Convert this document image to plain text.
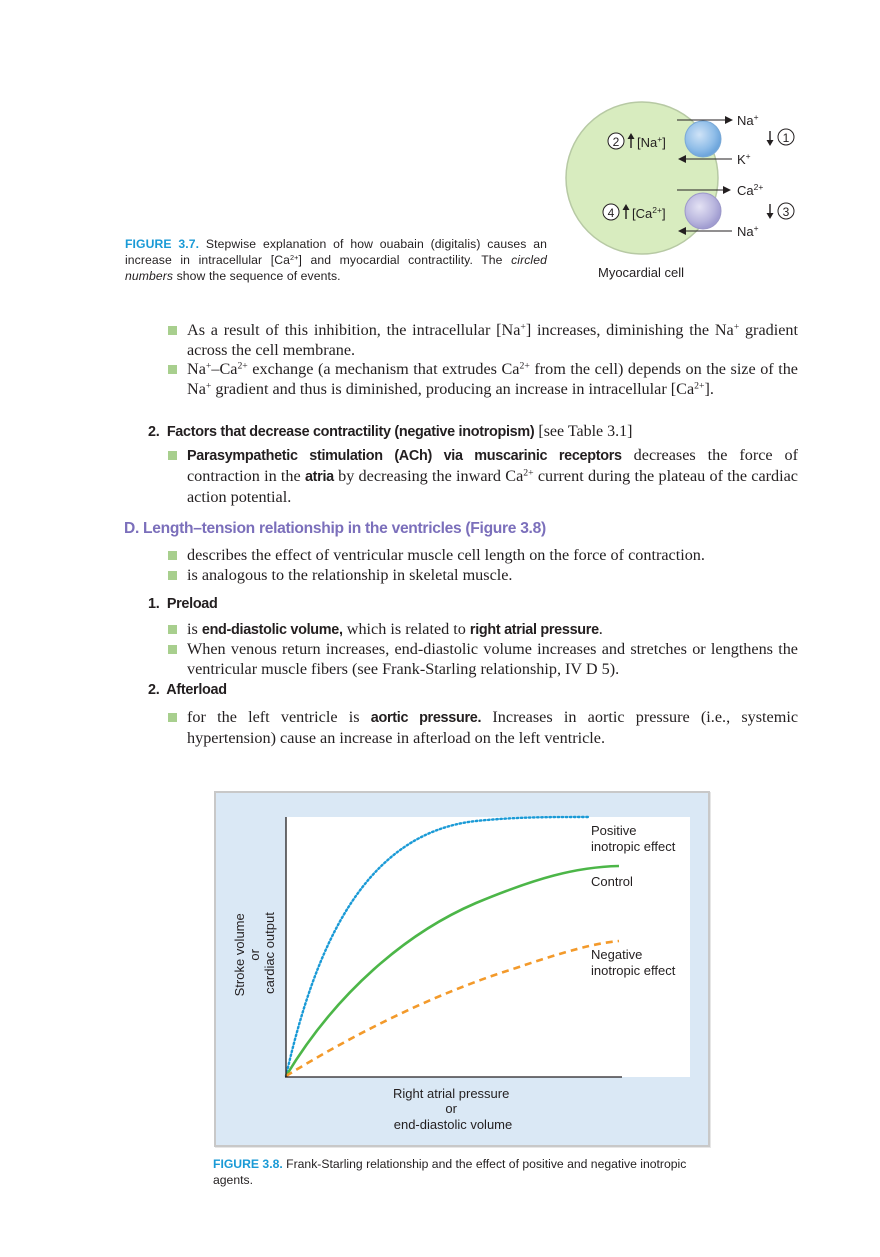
FIGURE 3.7. Stepwise explanation of how ouabain (digitalis) causes an increase in intracellular $[Ca^{2+}]$ and myocardial contractility. The circled numbers show the sequence of events.
Na+
K+
$Ca^{2+}$
Na+
1
3
2 [Na+]
4 $[Ca^{2+}]$
Myocardial cell
As a result of this inhibition, the intracellular [Na+] increases, diminishing the Na+ gradient across the cell membrane.
$Na^+-Ca^{2+}$ exchange (a mechanism that extrudes $Ca^{2+}$ from the cell) depends on the size of the Na+ gradient and thus is diminished, producing an increase in intracellular $[Ca^{2+}]$.
2. Factors that decrease contractility (negative inotropism) [see Table 3.1]
Parasympathetic stimulation (ACh) via muscarinic receptors decreases the force of contraction in the atria by decreasing the inward $Ca^{2+}$ current during the plateau of the cardiac action potential.
D. Length–tension relationship in the ventricles (Figure 3.8)
describes the effect of ventricular muscle cell length on the force of contraction.
is analogous to the relationship in skeletal muscle.
1. Preload
is end-diastolic volume, which is related to right atrial pressure.
When venous return increases, end-diastolic volume increases and stretches or lengthens the ventricular muscle fibers (see Frank-Starling relationship, IV D 5).
2. Afterload
for the left ventricle is aortic pressure. Increases in aortic pressure (i.e., systemic hypertension) cause an increase in afterload on the left ventricle.
Positive inotropic effect
Control
Negative inotropic effect
Right atrial pressure or end-diastolic volume
Stroke volume or cardiac output
FIGURE 3.8. Frank-Starling relationship and the effect of positive and negative inotropic agents.
